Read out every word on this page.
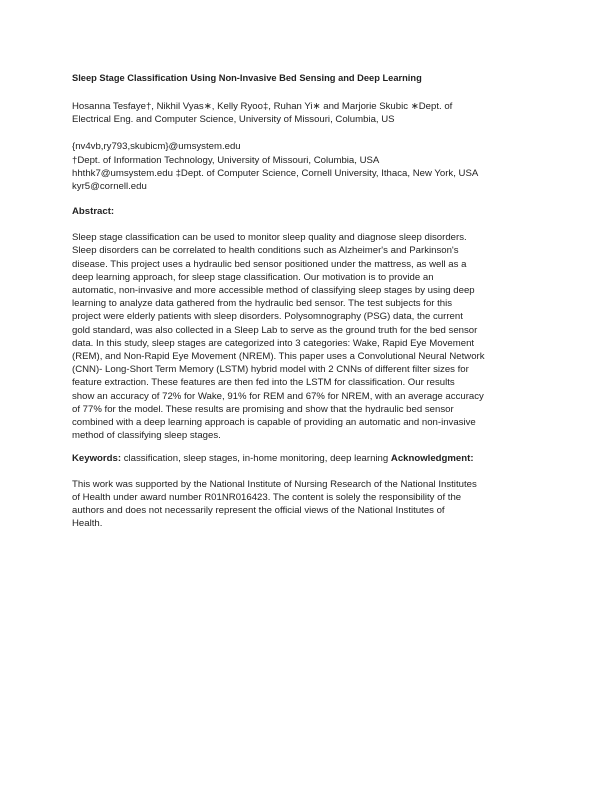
Sleep Stage Classification Using Non-Invasive Bed Sensing and Deep Learning

Hosanna Tesfaye†, Nikhil Vyas∗, Kelly Ryoo‡, Ruhan Yi∗ and Marjorie Skubic ∗Dept. of
Electrical Eng. and Computer Science, University of Missouri, Columbia, US
{nv4vb,ry793,skubicm}@umsystem.edu
†Dept. of Information Technology, University of Missouri, Columbia, USA
hhthk7@umsystem.edu ‡Dept. of Computer Science, Cornell University, Ithaca, New York, USA
kyr5@cornell.edu

Abstract:

Sleep stage classification can be used to monitor sleep quality and diagnose sleep disorders.
Sleep disorders can be correlated to health conditions such as Alzheimer's and Parkinson's
disease. This project uses a hydraulic bed sensor positioned under the mattress, as well as a
deep learning approach, for sleep stage classification. Our motivation is to provide an
automatic, non-invasive and more accessible method of classifying sleep stages by using deep
learning to analyze data gathered from the hydraulic bed sensor. The test subjects for this
project were elderly patients with sleep disorders. Polysomnography (PSG) data, the current
gold standard, was also collected in a Sleep Lab to serve as the ground truth for the bed sensor
data. In this study, sleep stages are categorized into 3 categories: Wake, Rapid Eye Movement
(REM), and Non-Rapid Eye Movement (NREM). This paper uses a Convolutional Neural Network
(CNN)- Long-Short Term Memory (LSTM) hybrid model with 2 CNNs of different filter sizes for
feature extraction. These features are then fed into the LSTM for classification. Our results
show an accuracy of 72% for Wake, 91% for REM and 67% for NREM, with an average accuracy
of 77% for the model. These results are promising and show that the hydraulic bed sensor
combined with a deep learning approach is capable of providing an automatic and non-invasive
method of classifying sleep stages.

Keywords: classification, sleep stages, in-home monitoring, deep learning Acknowledgment:

This work was supported by the National Institute of Nursing Research of the National Institutes
of Health under award number R01NR016423. The content is solely the responsibility of the
authors and does not necessarily represent the official views of the National Institutes of
Health.
